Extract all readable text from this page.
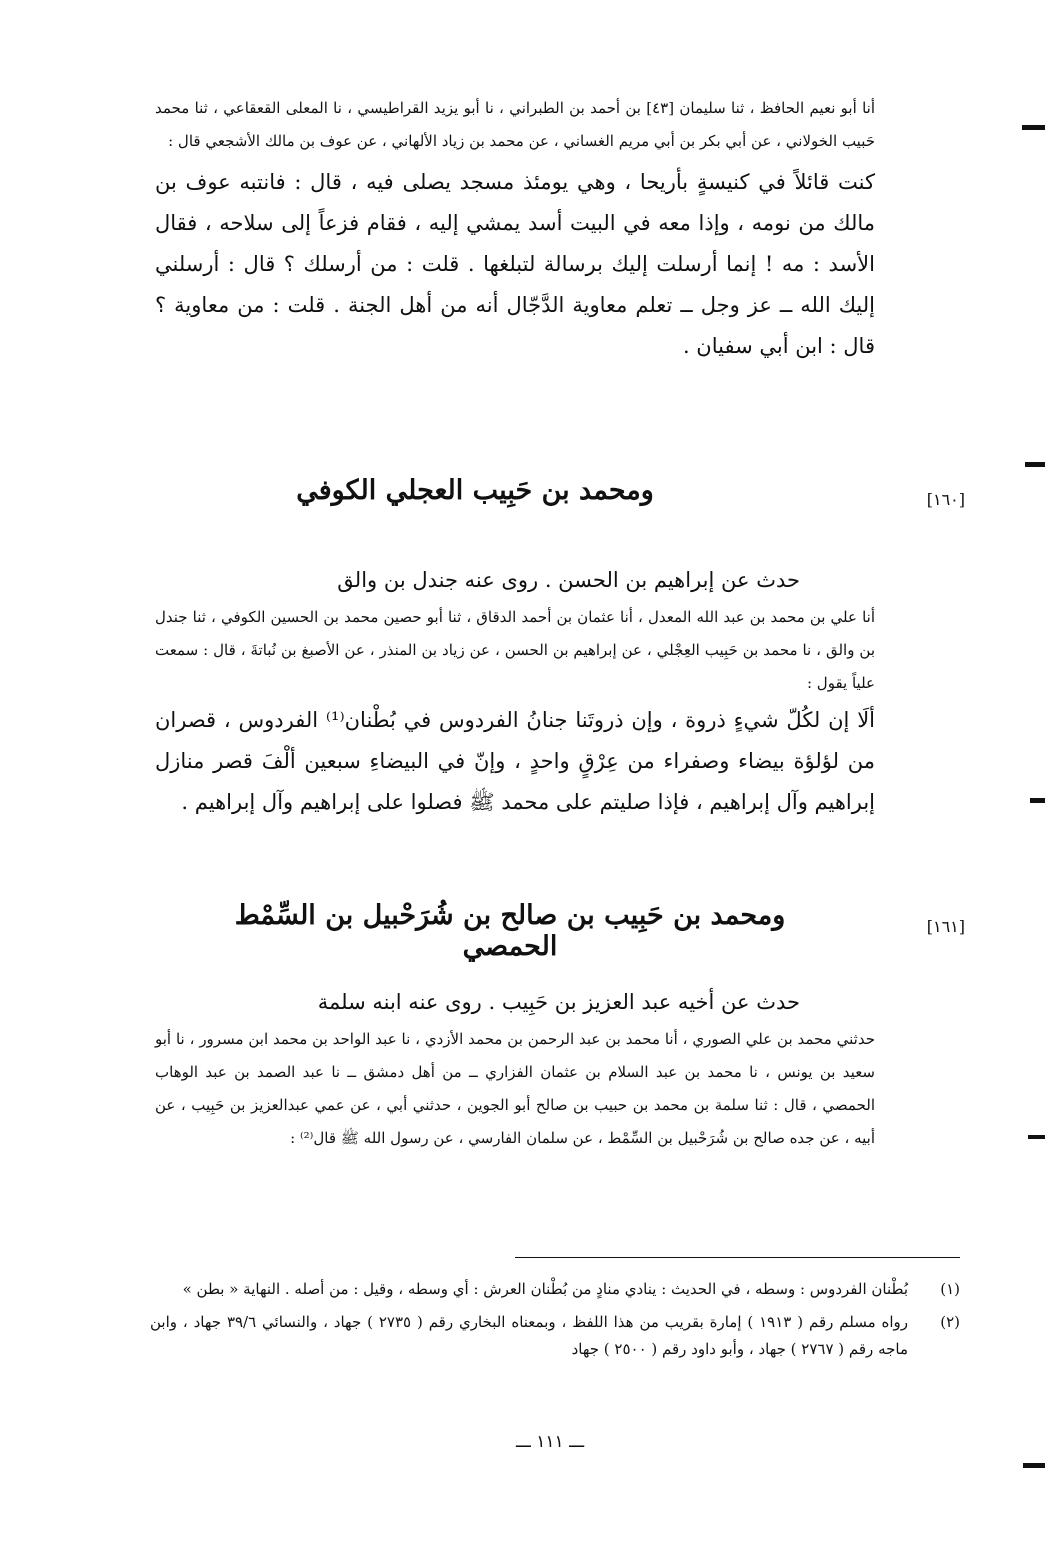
أنا أبو نعيم الحافظ ، ثنا سليمان [٤٣] بن أحمد بن الطبراني ، نا أبو يزيد القراطيسي ، نا المعلى القعقاعي ، ثنا محمد حَبيب الخولاني ، عن أبي بكر بن أبي مريم الغساني ، عن محمد بن زياد الألهاني ، عن عوف بن مالك الأشجعي قال :

كنت قائلاً في كنيسةٍ بأريحا ، وهي يومئذ مسجد يصلى فيه ، قال : فانتبه عوف بن مالك من نومه ، وإذا معه في البيت أسد يمشي إليه ، فقام فزعاً إلى سلاحه ، فقال الأسد : مه ! إنما أرسلت إليك برسالة لتبلغها . قلت : من أرسلك ؟ قال : أرسلني إليك الله ــ عز وجل ــ تعلم معاوية الدَّجّال أنه من أهل الجنة . قلت : من معاوية ؟ قال : ابن أبي سفيان .

[١٦٠]
ومحمد بن حَبِيب العجلي الكوفي

حدث عن إبراهيم بن الحسن . روى عنه جندل بن والق

أنا علي بن محمد بن عبد الله المعدل ، أنا عثمان بن أحمد الدقاق ، ثنا أبو حصين محمد بن الحسين الكوفي ، ثنا جندل بن والق ، نا محمد بن حَبِيب العِجْلي ، عن إبراهيم بن الحسن ، عن زياد بن المنذر ، عن الأصبغ بن نُباتةَ ، قال : سمعت علياً يقول :

ألَا إن لكُلّ شيءٍ ذروة ، وإن ذروتَنا جنانُ الفردوس في بُطْنان⁽¹⁾ الفردوس ، قصران من لؤلؤة بيضاء وصفراء من عِرْقٍ واحدٍ ، وإنّ في البيضاءِ سبعين ألْفَ قصر منازل إبراهيم وآل إبراهيم ، فإذا صليتم على محمد ﷺ فصلوا على إبراهيم وآل إبراهيم .

[١٦١]
ومحمد بن حَبِيب بن صالح بن شُرَحْبيل بن السِّمْط الحمصي

حدث عن أخيه عبد العزيز بن حَبِيب . روى عنه ابنه سلمة

حدثني محمد بن علي الصوري ، أنا محمد بن عبد الرحمن بن محمد الأزدي ، نا عبد الواحد بن محمد ابن مسرور ، نا أبو سعيد بن يونس ، نا محمد بن عبد السلام بن عثمان الفزاري ــ من أهل دمشق ــ نا عبد الصمد بن عبد الوهاب الحمصي ، قال : ثنا سلمة بن محمد بن حبيب بن صالح أبو الجوين ، حدثني أبي ، عن عمي عبدالعزيز بن حَبِيب ، عن أبيه ، عن جده صالح بن شُرَحْبيل بن السِّمْط ، عن سلمان الفارسي ، عن رسول الله ﷺ قال⁽²⁾ :

(١)
بُطْنان الفردوس : وسطه ، في الحديث : ينادي منادٍ من بُطْنان العرش : أي وسطه ، وقيل : من أصله . النهاية « بطن »
(٢)
رواه مسلم رقم ( ١٩١٣ ) إمارة بقريب من هذا اللفظ ، وبمعناه البخاري رقم ( ٢٧٣٥ ) جهاد ، والنسائي ٣٩/٦ جهاد ، وابن ماجه رقم ( ٢٧٦٧ ) جهاد ، وأبو داود رقم ( ٢٥٠٠ ) جهاد
ـــ ١١١ ـــ
